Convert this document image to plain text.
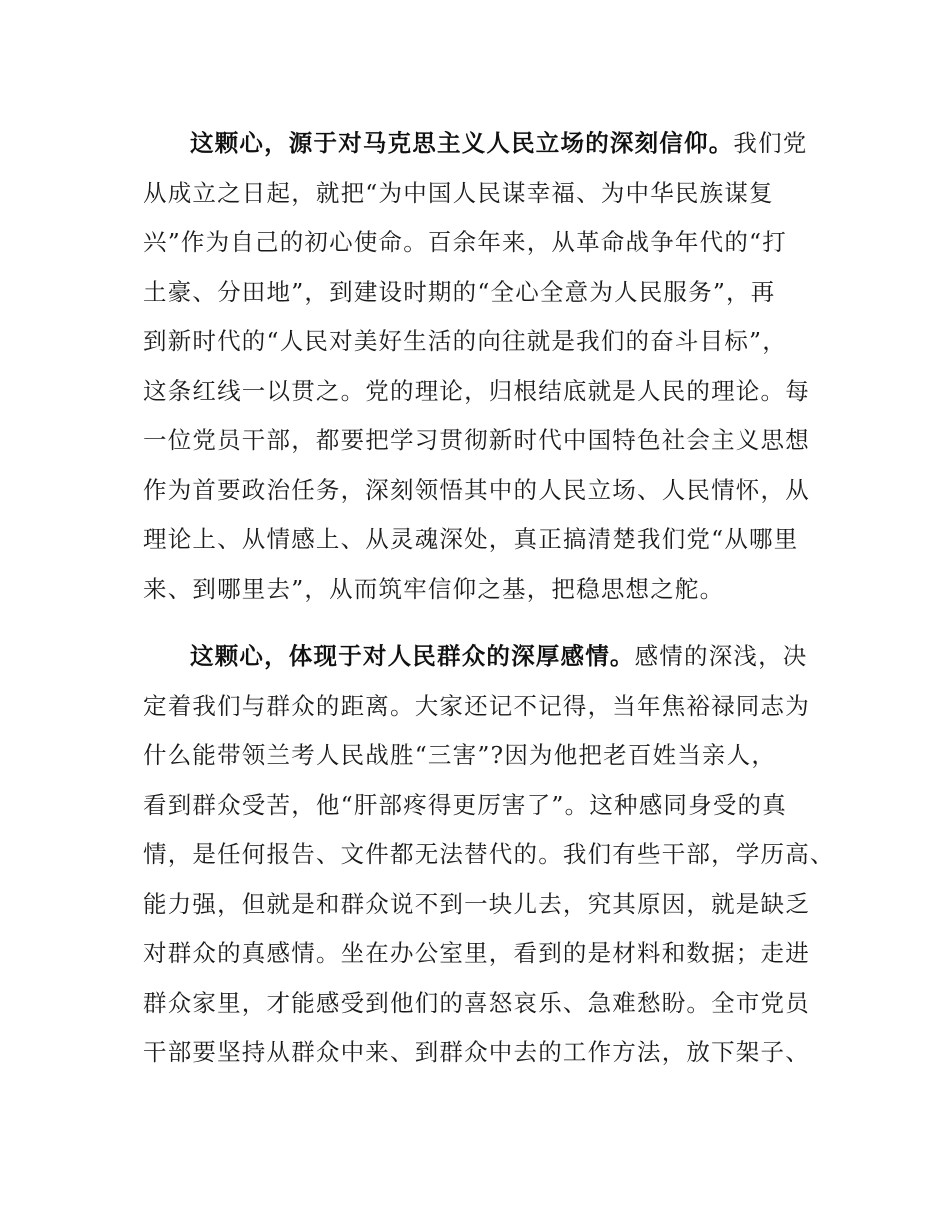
这颗心，源于对马克思主义人民立场的深刻信仰。我们党
从成立之日起，就把“为中国人民谋幸福、为中华民族谋复
兴”作为自己的初心使命。百余年来，从革命战争年代的“打
土豪、分田地”，到建设时期的“全心全意为人民服务”，再
到新时代的“人民对美好生活的向往就是我们的奋斗目标”，
这条红线一以贯之。党的理论，归根结底就是人民的理论。每
一位党员干部，都要把学习贯彻新时代中国特色社会主义思想
作为首要政治任务，深刻领悟其中的人民立场、人民情怀，从
理论上、从情感上、从灵魂深处，真正搞清楚我们党“从哪里
来、到哪里去”，从而筑牢信仰之基，把稳思想之舵。
这颗心，体现于对人民群众的深厚感情。感情的深浅，决
定着我们与群众的距离。大家还记不记得，当年焦裕禄同志为
什么能带领兰考人民战胜“三害”?因为他把老百姓当亲人，
看到群众受苦，他“肝部疼得更厉害了”。这种感同身受的真
情，是任何报告、文件都无法替代的。我们有些干部，学历高、
能力强，但就是和群众说不到一块儿去，究其原因，就是缺乏
对群众的真感情。坐在办公室里，看到的是材料和数据；走进
群众家里，才能感受到他们的喜怒哀乐、急难愁盼。全市党员
干部要坚持从群众中来、到群众中去的工作方法，放下架子、
